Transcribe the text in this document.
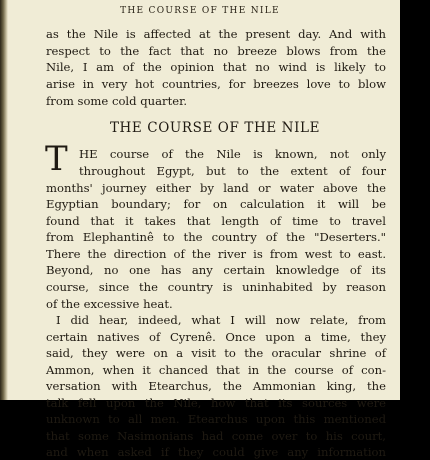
THE COURSE OF THE NILE
as the Nile is affected at the present day. And with
respect to the fact that no breeze blows from the
Nile, I am of the opinion that no wind is likely to
arise in very hot countries, for breezes love to blow
from some cold quarter.
THE COURSE OF THE NILE
T HE course of the Nile is known, not only
throughout Egypt, but to the extent of four
months' journey either by land or water above the
Egyptian boundary; for on calculation it will be
found that it takes that length of time to travel
from Elephantinê to the country of the "Deserters."
There the direction of the river is from west to east.
Beyond, no one has any certain knowledge of its
course, since the country is uninhabited by reason
of the excessive heat.
I did hear, indeed, what I will now relate, from
certain natives of Cyrenê. Once upon a time, they
said, they were on a visit to the oracular shrine of
Ammon, when it chanced that in the course of con-
versation with Etearchus, the Ammonian king, the
talk fell upon the Nile, how that its sources were
unknown to all men. Etearchus upon this mentioned
that some Nasimonians had come over to his court,
and when asked if they could give any information
